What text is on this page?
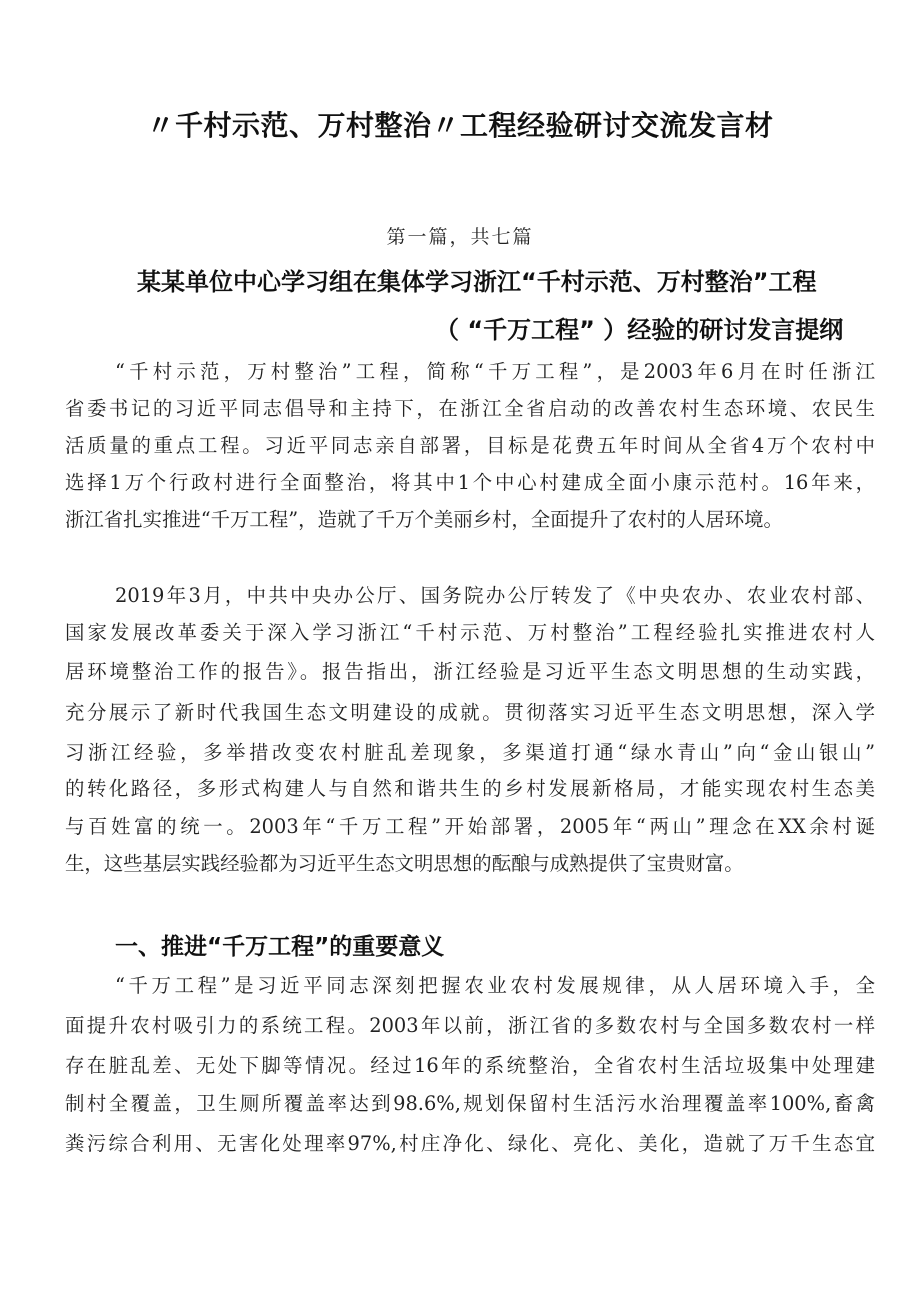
〃千村示范、万村整治〃工程经验研讨交流发言材
第一篇，共七篇
某某单位中心学习组在集体学习浙江“千村示范、万村整治”工程
（ “千万工程” ）经验的研讨发言提纲
“千村示范，万村整治”工程，简称“千万工程”，是2003年6月在时任浙江
省委书记的习近平同志倡导和主持下，在浙江全省启动的改善农村生态环境、农民生
活质量的重点工程。习近平同志亲自部署，目标是花费五年时间从全省4万个农村中
选择1万个行政村进行全面整治，将其中1个中心村建成全面小康示范村。16年来，
浙江省扎实推进“千万工程”，造就了千万个美丽乡村，全面提升了农村的人居环境。
2019年3月，中共中央办公厅、国务院办公厅转发了《中央农办、农业农村部、
国家发展改革委关于深入学习浙江“千村示范、万村整治”工程经验扎实推进农村人
居环境整治工作的报告》。报告指出，浙江经验是习近平生态文明思想的生动实践，
充分展示了新时代我国生态文明建设的成就。贯彻落实习近平生态文明思想，深入学
习浙江经验，多举措改变农村脏乱差现象，多渠道打通“绿水青山”向“金山银山”
的转化路径，多形式构建人与自然和谐共生的乡村发展新格局，才能实现农村生态美
与百姓富的统一。2003年“千万工程”开始部署，2005年“两山”理念在XX余村诞
生，这些基层实践经验都为习近平生态文明思想的酝酿与成熟提供了宝贵财富。
一、推进“千万工程”的重要意义
“千万工程”是习近平同志深刻把握农业农村发展规律，从人居环境入手，全
面提升农村吸引力的系统工程。2003年以前，浙江省的多数农村与全国多数农村一样
存在脏乱差、无处下脚等情况。经过16年的系统整治，全省农村生活垃圾集中处理建
制村全覆盖，卫生厕所覆盖率达到98.6%,规划保留村生活污水治理覆盖率100%,畜禽
粪污综合利用、无害化处理率97%,村庄净化、绿化、亮化、美化，造就了万千生态宜
